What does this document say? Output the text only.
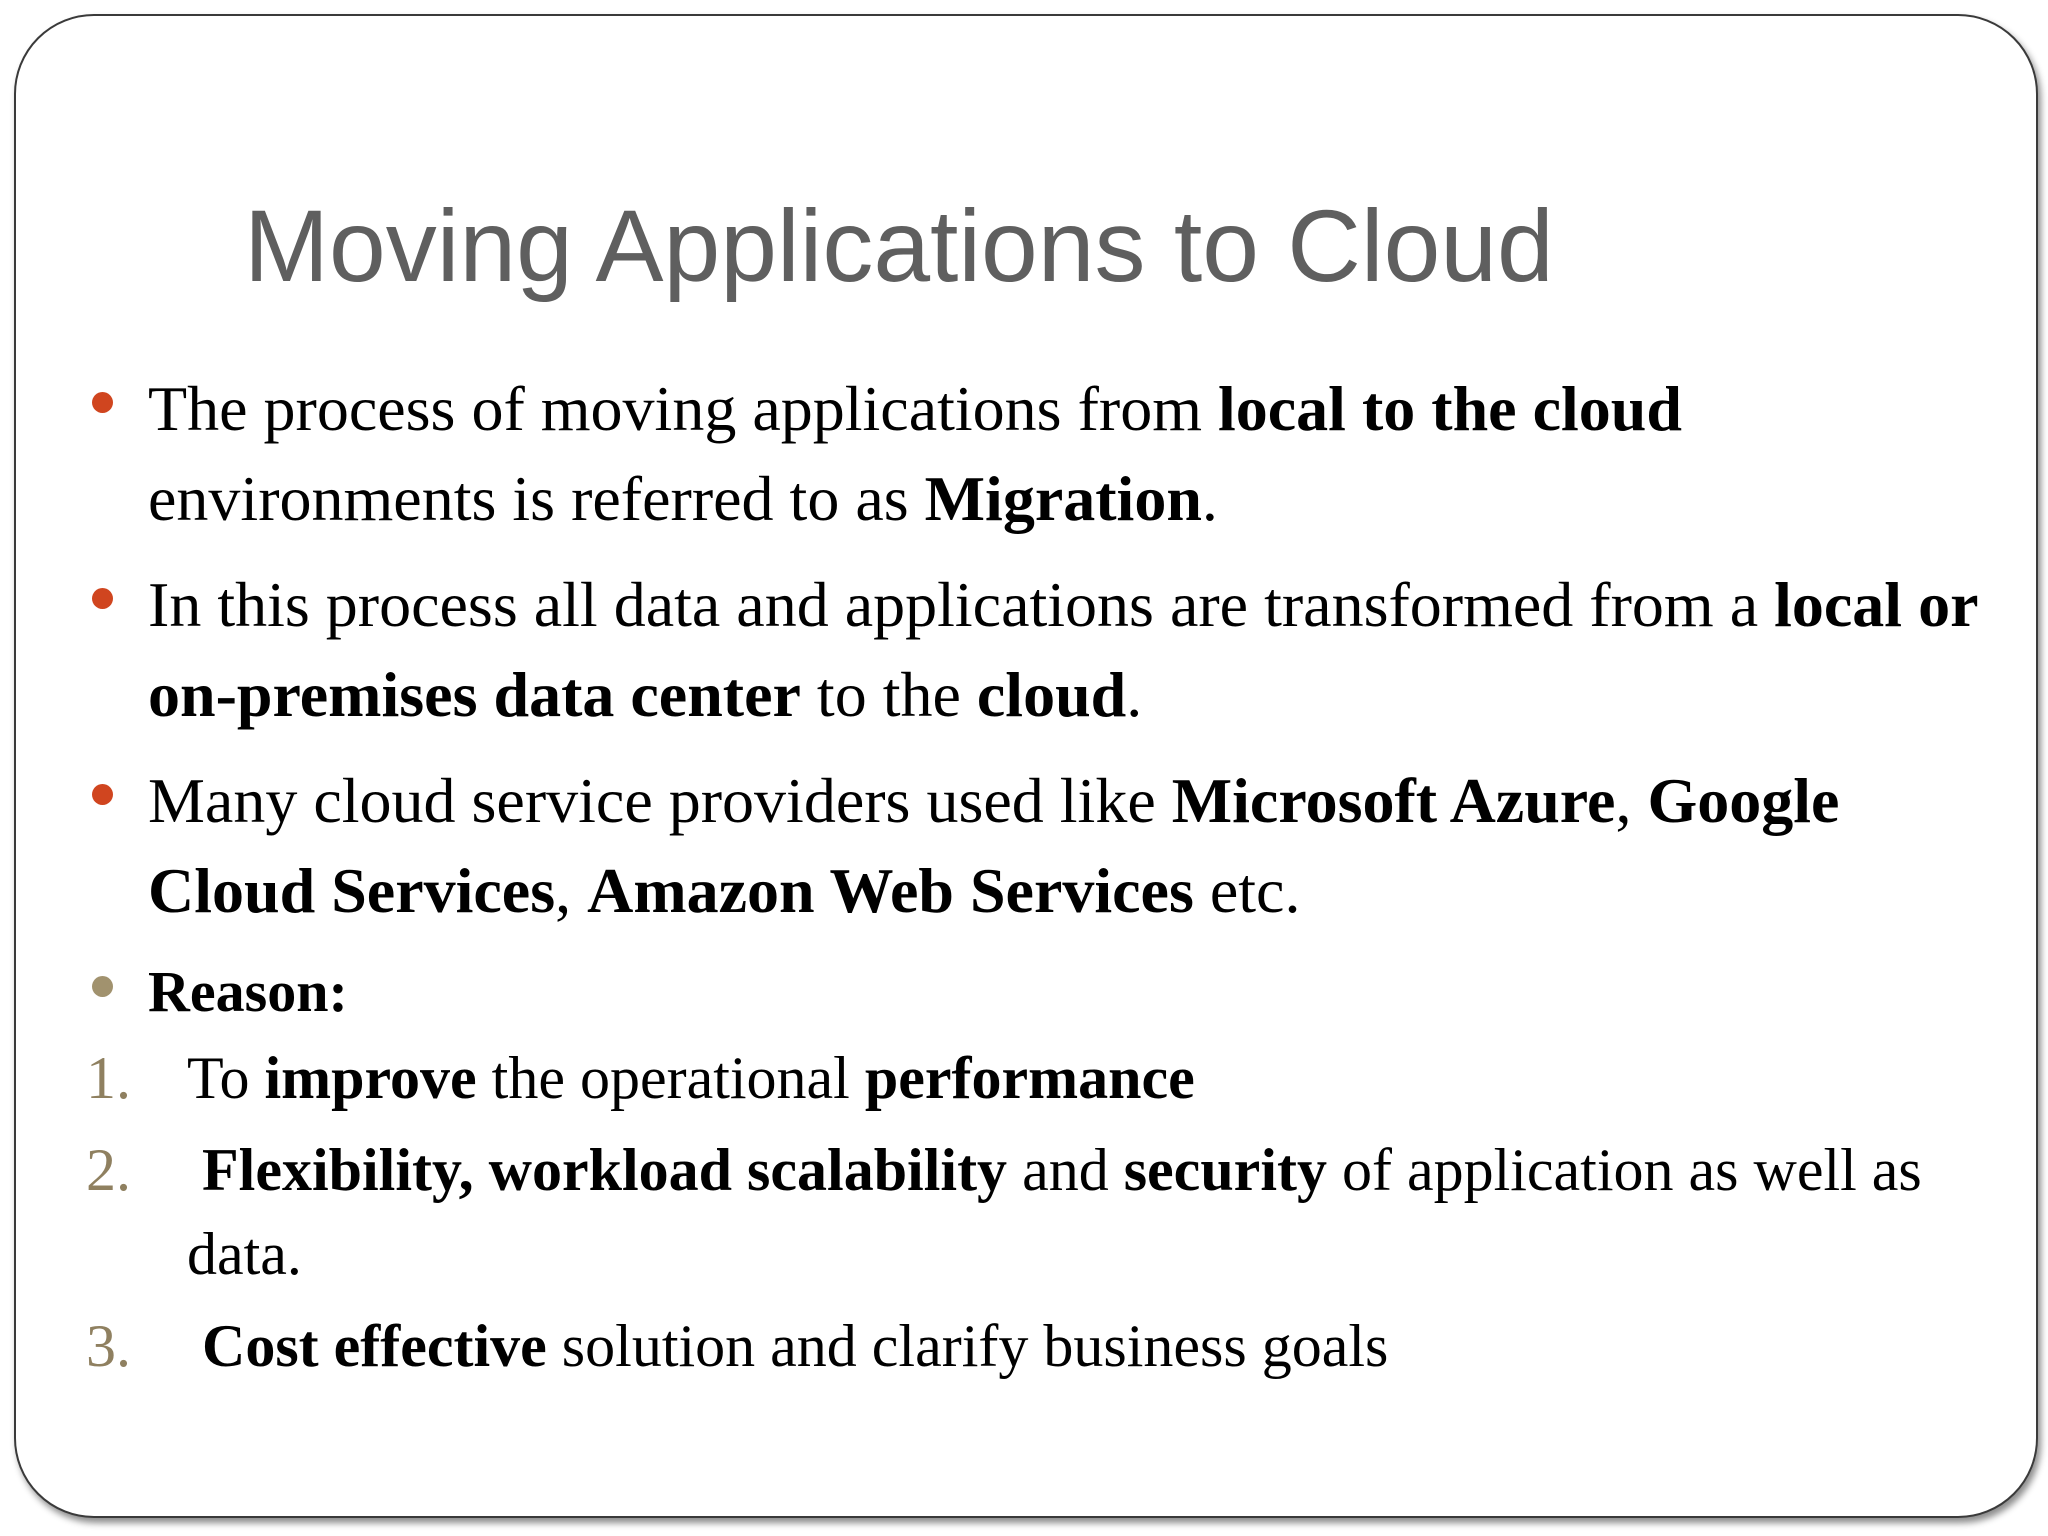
Moving Applications to Cloud
The process of moving applications from local to the cloud environments is referred to as Migration.
In this process all data and applications are transformed from a local or on-premises data center to the cloud.
Many cloud service providers used like Microsoft Azure, Google Cloud Services, Amazon Web Services etc.
Reason:
1. To improve the operational performance
2. Flexibility, workload scalability and security of application as well as data.
3. Cost effective solution and clarify business goals
